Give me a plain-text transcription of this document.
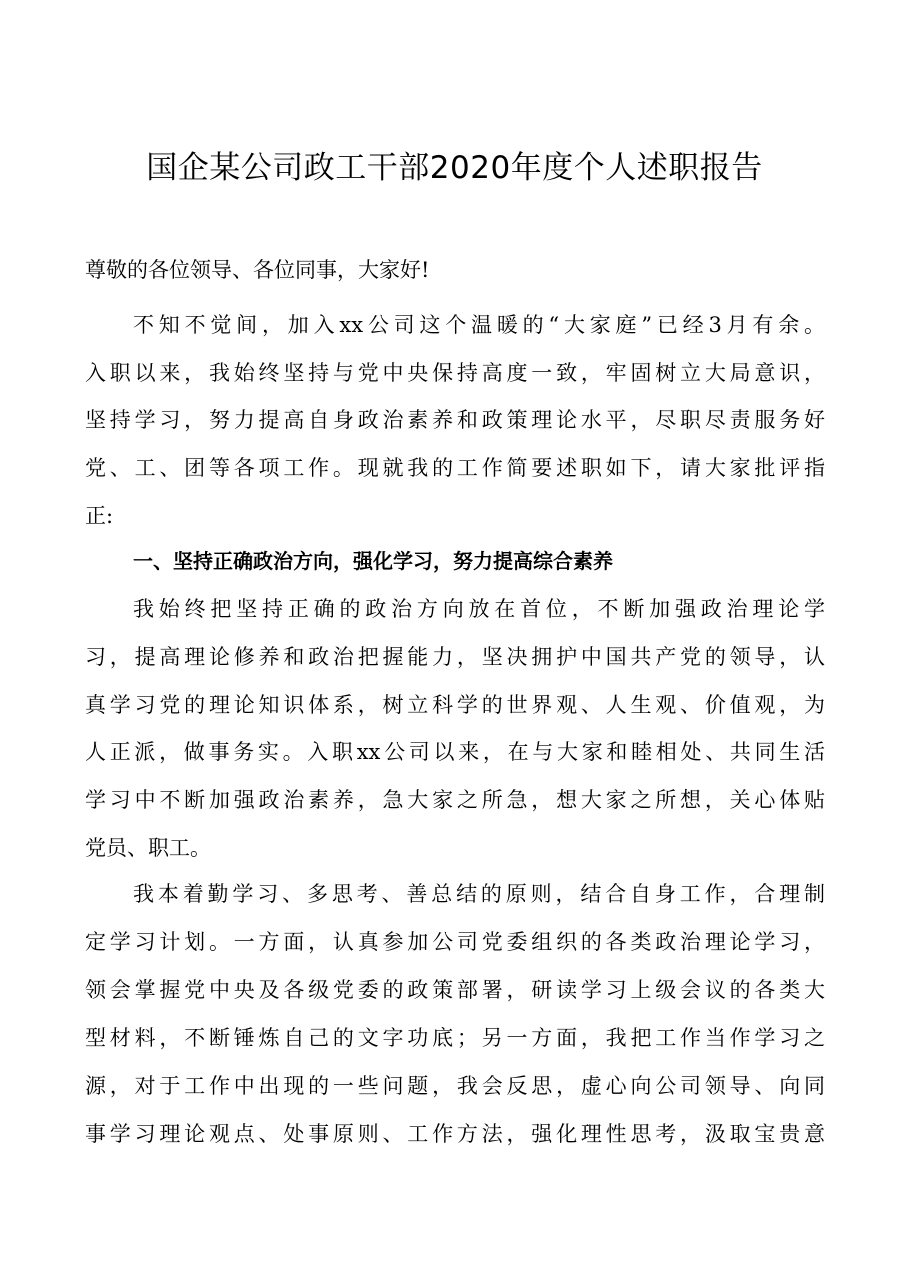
国企某公司政工干部2020年度个人述职报告
尊敬的各位领导、各位同事，大家好!
不知不觉间，加入xx公司这个温暖的“大家庭”已经3月有余。
入职以来，我始终坚持与党中央保持高度一致，牢固树立大局意识，
坚持学习，努力提高自身政治素养和政策理论水平，尽职尽责服务好
党、工、团等各项工作。现就我的工作简要述职如下，请大家批评指
正:
一、坚持正确政治方向，强化学习，努力提高综合素养
我始终把坚持正确的政治方向放在首位，不断加强政治理论学
习，提高理论修养和政治把握能力，坚决拥护中国共产党的领导，认
真学习党的理论知识体系，树立科学的世界观、人生观、价值观，为
人正派，做事务实。入职xx公司以来，在与大家和睦相处、共同生活
学习中不断加强政治素养，急大家之所急，想大家之所想，关心体贴
党员、职工。
我本着勤学习、多思考、善总结的原则，结合自身工作，合理制
定学习计划。一方面，认真参加公司党委组织的各类政治理论学习，
领会掌握党中央及各级党委的政策部署，研读学习上级会议的各类大
型材料，不断锤炼自己的文字功底；另一方面，我把工作当作学习之
源，对于工作中出现的一些问题，我会反思，虚心向公司领导、向同
事学习理论观点、处事原则、工作方法，强化理性思考，汲取宝贵意
